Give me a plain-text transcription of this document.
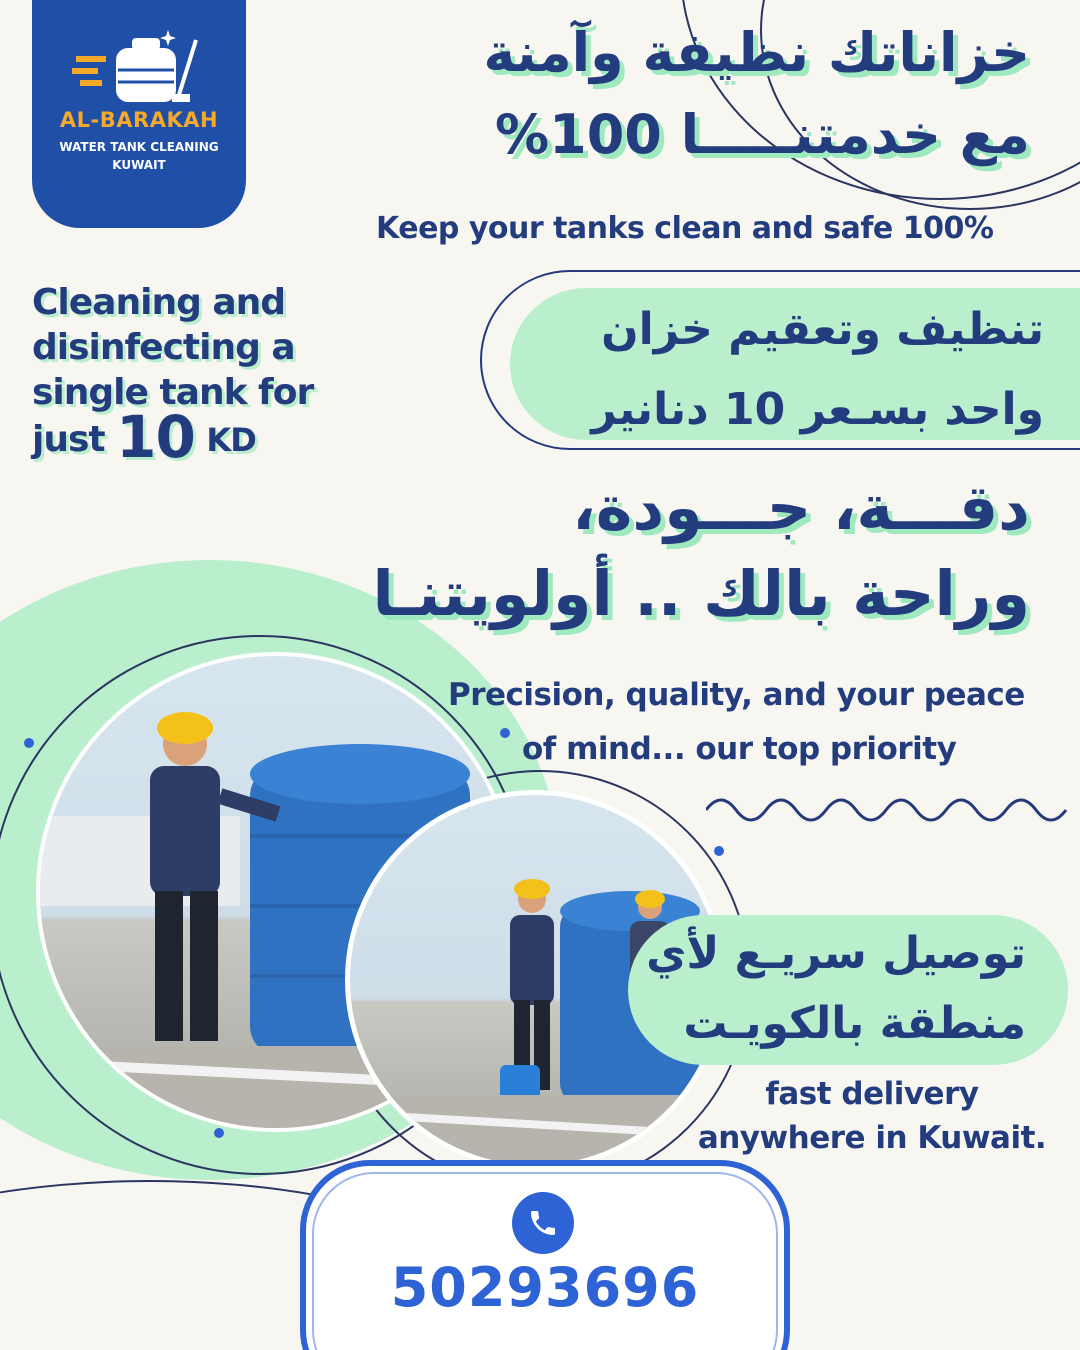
AL-BARAKAH
WATER TANK CLEANING
KUWAIT
خزاناتك نظيفة وآمنة
مع خدمتنـــــا 100%
Keep your tanks clean and safe 100%
تنظيف وتعقيم خزان
واحد بسـعر 10 دنانير
Cleaning and
disinfecting a
single tank for
just 10 KD
دقـــة، جـــودة،
وراحة بالك .. أولويتنـا
Precision, quality, and your peace
of mind... our top priority
توصيل سريـع لأي
منطقة بالكويـت
fast delivery
anywhere in Kuwait.
50293696
